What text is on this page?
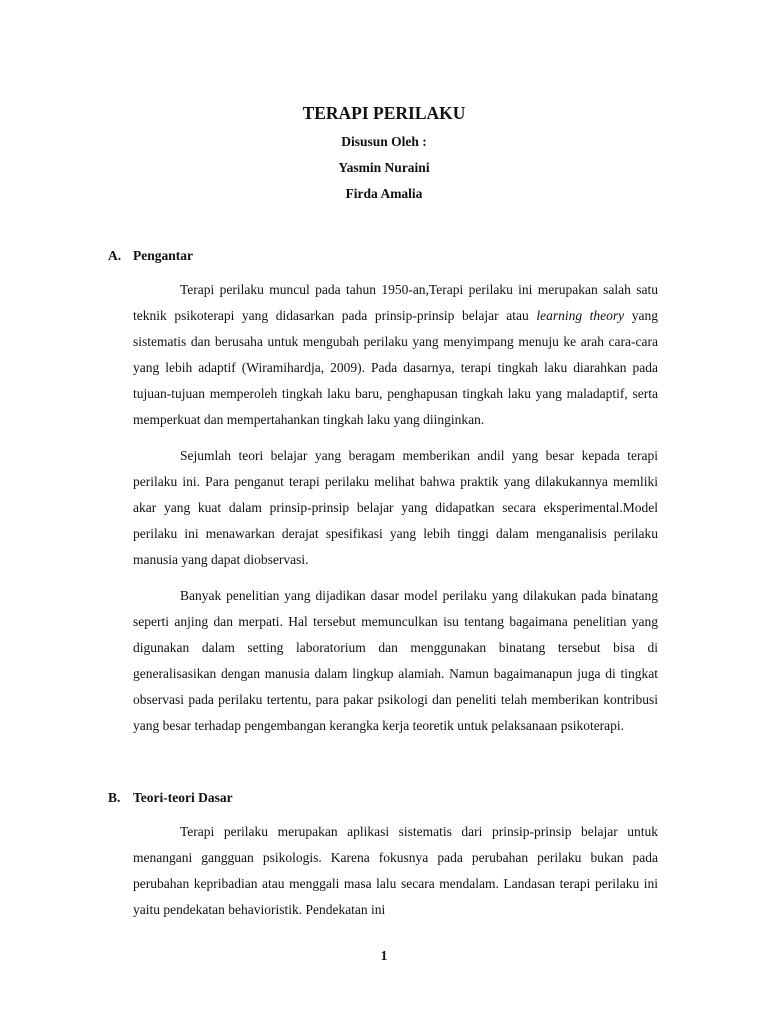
TERAPI PERILAKU
Disusun Oleh :
Yasmin Nuraini
Firda Amalia
A. Pengantar

Terapi perilaku muncul pada tahun 1950-an,Terapi perilaku ini merupakan salah satu teknik psikoterapi yang didasarkan pada prinsip-prinsip belajar atau learning theory yang sistematis dan berusaha untuk mengubah perilaku yang menyimpang menuju ke arah cara-cara yang lebih adaptif (Wiramihardja, 2009). Pada dasarnya, terapi tingkah laku diarahkan pada tujuan-tujuan memperoleh tingkah laku baru, penghapusan tingkah laku yang maladaptif, serta memperkuat dan mempertahankan tingkah laku yang diinginkan.

Sejumlah teori belajar yang beragam memberikan andil yang besar kepada terapi perilaku ini. Para penganut terapi perilaku melihat bahwa praktik yang dilakukannya memliki akar yang kuat dalam prinsip-prinsip belajar yang didapatkan secara eksperimental.Model perilaku ini menawarkan derajat spesifikasi yang lebih tinggi dalam menganalisis perilaku manusia yang dapat diobservasi.

Banyak penelitian yang dijadikan dasar model perilaku yang dilakukan pada binatang seperti anjing dan merpati. Hal tersebut memunculkan isu tentang bagaimana penelitian yang digunakan dalam setting laboratorium dan menggunakan binatang tersebut bisa di generalisasikan dengan manusia dalam lingkup alamiah. Namun bagaimanapun juga di tingkat observasi pada perilaku tertentu, para pakar psikologi dan peneliti telah memberikan kontribusi yang besar terhadap pengembangan kerangka kerja teoretik untuk pelaksanaan psikoterapi.

B. Teori-teori Dasar

Terapi perilaku merupakan aplikasi sistematis dari prinsip-prinsip belajar untuk menangani gangguan psikologis. Karena fokusnya pada perubahan perilaku bukan pada perubahan kepribadian atau menggali masa lalu secara mendalam. Landasan terapi perilaku ini yaitu pendekatan behavioristik. Pendekatan ini

1
